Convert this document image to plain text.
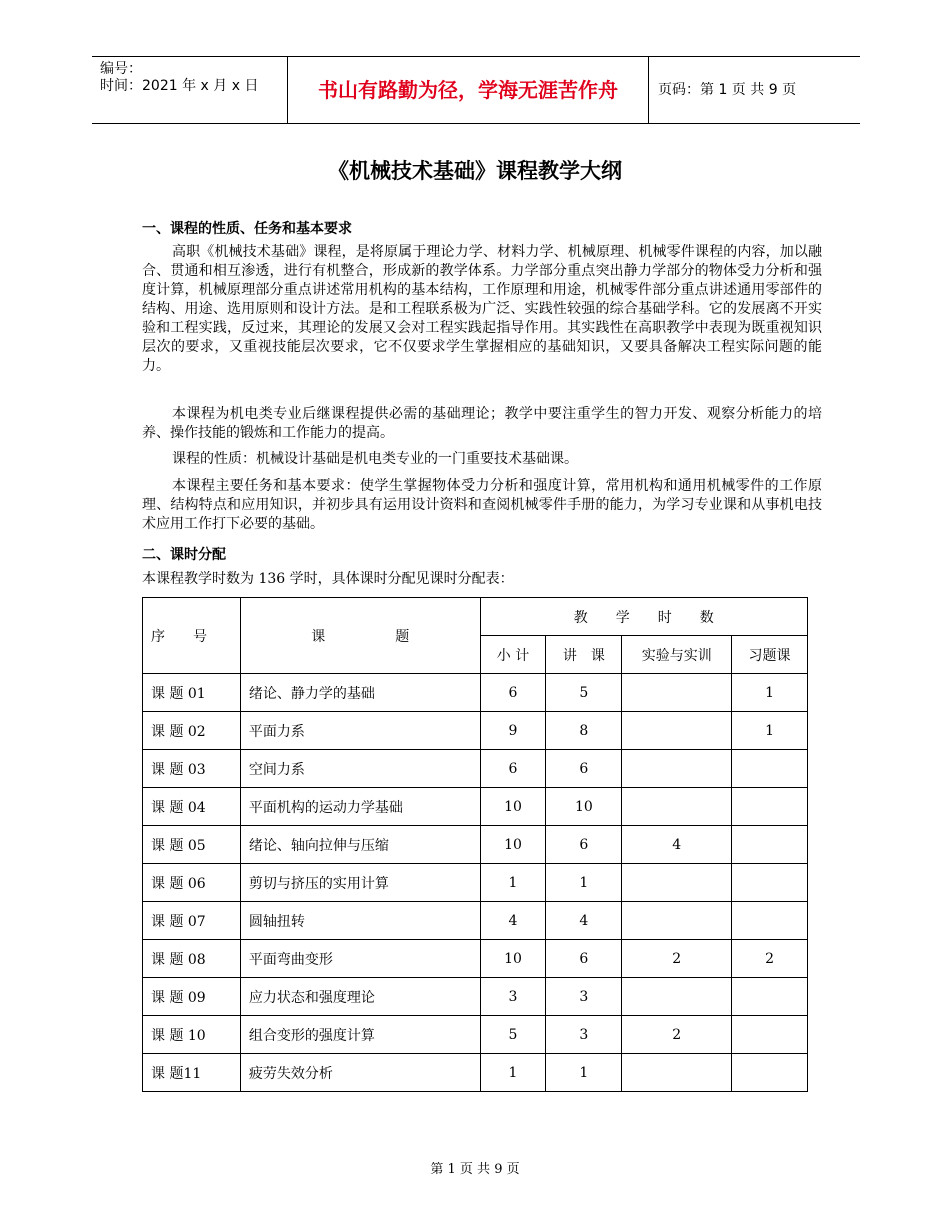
编号：
时间：2021 年 x 月 x 日	书山有路勤为径，学海无涯苦作舟	页码：第 1 页 共 9 页
《机械技术基础》课程教学大纲
一、课程的性质、任务和基本要求

高职《机械技术基础》课程，是将原属于理论力学、材料力学、机械原理、机械零件课程的内容，加以融合、贯通和相互渗透，进行有机整合，形成新的教学体系。力学部分重点突出静力学部分的物体受力分析和强度计算，机械原理部分重点讲述常用机构的基本结构，工作原理和用途，机械零件部分重点讲述通用零部件的结构、用途、选用原则和设计方法。是和工程联系极为广泛、实践性较强的综合基础学科。它的发展离不开实验和工程实践，反过来，其理论的发展又会对工程实践起指导作用。其实践性在高职教学中表现为既重视知识层次的要求，又重视技能层次要求，它不仅要求学生掌握相应的基础知识，又要具备解决工程实际问题的能力。

本课程为机电类专业后继课程提供必需的基础理论；教学中要注重学生的智力开发、观察分析能力的培养、操作技能的锻炼和工作能力的提高。

课程的性质：机械设计基础是机电类专业的一门重要技术基础课。

本课程主要任务和基本要求：使学生掌握物体受力分析和强度计算，常用机构和通用机械零件的工作原理、结构特点和应用知识，并初步具有运用设计资料和查阅机械零件手册的能力，为学习专业课和从事机电技术应用工作打下必要的基础。

二、课时分配

本课程教学时数为 136 学时，具体课时分配见课时分配表：

序　　号	课　　　　　题	教　　学　　时　　数			
		小 计	讲　课	实验与实训	习题课
课 题 01	绪论、静力学的基础	6	5		1
课 题 02	平面力系	9	8		1
课 题 03	空间力系	6	6		
课 题 04	平面机构的运动力学基础	10	10		
课 题 05	绪论、轴向拉伸与压缩	10	6	4	
课 题 06	剪切与挤压的实用计算	1	1		
课 题 07	圆轴扭转	4	4		
课 题 08	平面弯曲变形	10	6	2	2
课 题 09	应力状态和强度理论	3	3		
课 题 10	组合变形的强度计算	5	3	2	
课 题11	疲劳失效分析	1	1		
第 1 页 共 9 页
